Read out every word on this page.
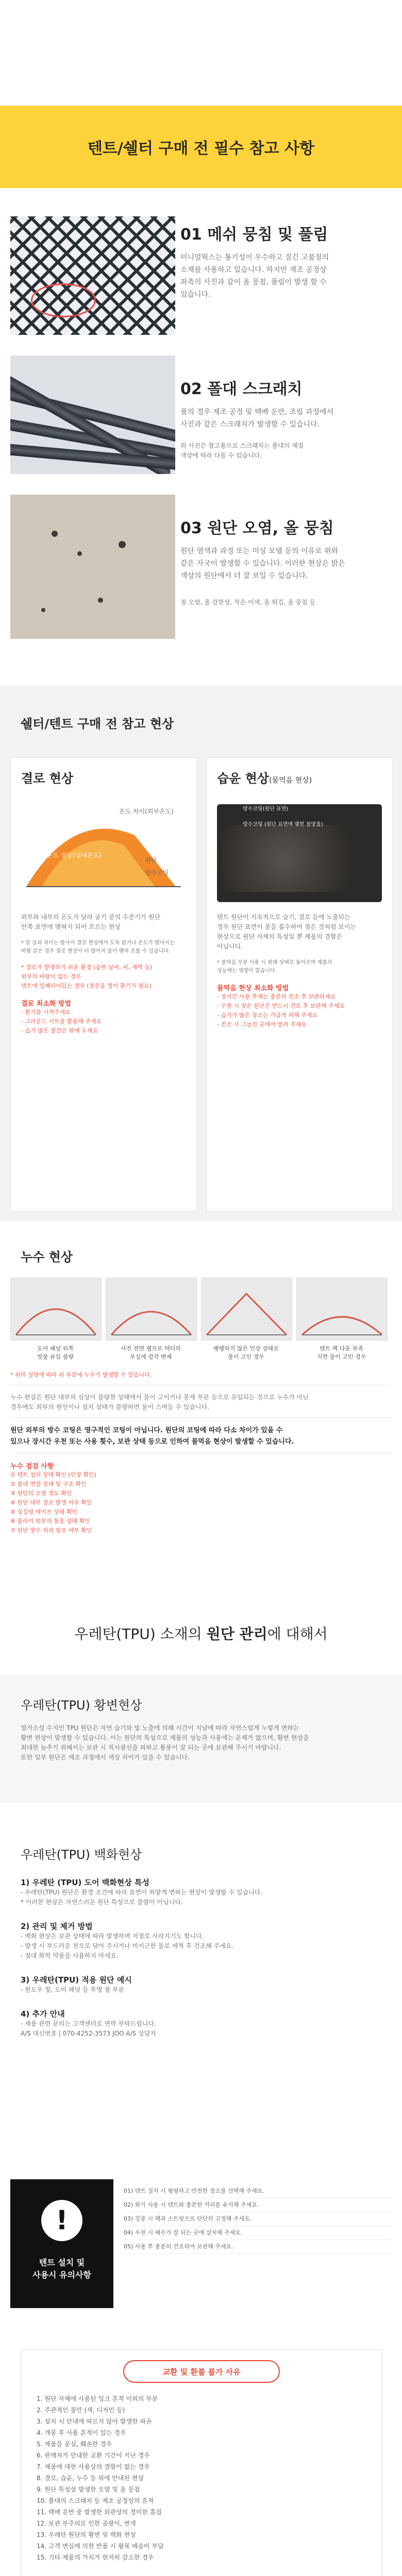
텐트/쉘터 구매 전 필수 참고 사항

01 메쉬 뭉침 및 풀림

미니멀웍스는 통기성이 우수하고 질긴 고품질의

소재를 사용하고 있습니다. 하지만 제조 공정상

좌측의 사진과 같이 올 뭉침, 풀림이 발생 할 수

있습니다.

02 폴대 스크래치

폴의 경우 제조 공정 및 택배 운반, 조립 과정에서

사진과 같은 스크래치가 발생할 수 있습니다.

위 사진은 참고용으로 스크래치는 폴대의 제질

색상에 따라 다를 수 있습니다.

03 원단 오염, 올 뭉침

원단 염색과 과정 또는 미싱 모델 등의 이유로 위와

같은 자국이 발생할 수 있습니다. 이러한 현상은 밝은

색상의 원단에서 더 잘 보일 수 있습니다.

점 오염, 올 감한상, 작은 이색, 올 튀김, 올 뭉침 등

쉘터/텐트 구매 전 참고 현상

결로 현상

온도 차이(외부온도)
온도 상승(실내온도)
원단
방수코팅

외부와 내부의 온도가 달라 공기 중의 수증기가 원단

안쪽 표면에 맺혀지 되어 흐르는 현상

* 일 실외 차이는 밤사이 결로 현상에서 도둑 없거나 온도가 떨어지는

바람 같은 경우 결로 현상이 더 많아져 물이 맺혀 흐를 수 있습니다.

* 결로가 발생하기 쉬운 환경 (습한 날씨, 비, 새벽 등)

외부의 바람이 없는 경우

텐트에 밀폐되어있는 경우 (창문을 열어 환기가 필요)

결로 최소화 방법

- 환기를 시켜주세요

- 그라운드 시트를 활용해 주세요

- 습기 많은 물건은 밖에 두세요

습윤 현상(물먹음 현상)

방수코팅(원단 표면)
방수코팅 (원단 표면에 맺힌 물방울)

텐트 원단이 지속적으로 습기, 결로 등에 노출되는

경우 원단 표면이 물을 흡수하여 젖은 것처럼 보이는

현상으로 원단 자체의 특성일 뿐 제품의 결함은

아닙니다.

* 물먹음 부분 사용 시 원래 상태로 돌아오며 제품의

성능에는 영향이 없습니다.

물먹음 현상 최소화 방법

- 장시간 사용 후에는 충분히 건조 후 보관하세요

- 우천 시 젖은 원단은 반드시 건조 후 보관해 주세요

- 습기가 많은 장소는 가급적 피해 주세요

- 건조 시 그늘진 곳에서 말려 주세요

누수 현상

도어 패널 위쪽
빗물 유입 불량
사진 전면 웹프로 텍터의
부실에 겉각 변제
팽팽하지 않은 인장 상태로
물이 고인 경우
텐트 펙 다운 부족
지면 물이 고인 경우

* 위의 설명에 따라 위 부분에 누수가 발생할 수 있습니다.

누수 현상은 원단 내부의 심상이 불량한 상태에서 물이 고이거나 봉제 부분 등으로 유입되는 것으로 누수가 아닌

경우에도 외부의 원인이나 설치 상태가 불량하면 물이 스며들 수 있습니다.

원단 외부의 방수 코팅은 영구적인 코팅이 아닙니다. 원단의 코팅에 따라 다소 차이가 있을 수

있으나 장시간 우천 또는 사용 횟수, 보관 상태 등으로 인하여 물먹음 현상이 발생할 수 있습니다.

누수 점검 사항

① 텐트 설치 상태 확인 (인장 확인)

② 폴대 연결 상태 및 구조 확인

③ 원단의 오염 정도 확인

④ 원단 내부 결로 발생 여부 확인

⑤ 심실링 테이프 상태 확인

⑥ 플라이 외부의 통풍 상태 확인

⑦ 원단 방수 처리 필요 여부 확인

우레탄(TPU) 소재의 원단 관리에 대해서

우레탄(TPU) 황변현상

열가소성 수지인 TPU 원단은 자연 습기와 빛 노출에 의해 시간이 지남에 따라 자연스럽게 누렇게 변하는

황변 현상이 발생할 수 있습니다. 이는 원단의 특성으로 제품의 성능과 사용에는 문제가 없으며, 황변 현상을

최대한 늦추기 위해서는 보관 시 직사광선을 피하고 통풍이 잘 되는 곳에 보관해 주시기 바랍니다.

또한 일부 원단은 제조 과정에서 색상 차이가 있을 수 있습니다.

우레탄(TPU) 백화현상

1) 우레탄 (TPU) 도어 백화현상 특성

- 우레탄(TPU) 원단은 환경 조건에 따라 표면이 하얗게 변하는 현상이 발생할 수 있습니다.

* 이러한 현상은 자연스러운 원단 특성으로 불량이 아닙니다.

2) 관리 및 제거 방법

- 백화 현상은 보관 상태에 따라 발생하며 저절로 사라지기도 합니다.

- 발생 시 부드러운 천으로 닦아 주시거나 미지근한 물로 세척 후 건조해 주세요.

- 절대 화학 약품을 사용하지 마세요.

3) 우레탄(TPU) 적용 원단 예시

- 윈도우 창, 도어 패널 등 투명 창 부분

4) 추가 안내

- 제품 관련 문의는 고객센터로 연락 부탁드립니다.

A/S 대신번호 | 070-4252-3573 JOO A/S 상담자

!
텐트 설치 및
사용시 유의사항

01) 텐트 설치 시 평평하고 안전한 장소를 선택해 주세요.

02) 화기 사용 시 텐트와 충분한 거리를 유지해 주세요.

03) 강풍 시 팩과 스트링으로 단단히 고정해 주세요.

04) 우천 시 배수가 잘 되는 곳에 설치해 주세요.

05) 사용 후 충분히 건조하여 보관해 주세요.

교환 및 환불 불가 사유

1. 원단 자체에 사용된 잉크 흔적 이외의 부분

2. 주관적인 불만 (색, 디자인 등)

3. 설치 시 안내에 따르지 않아 발생한 파손

4. 개봉 후 사용 흔적이 있는 경우

5. 제품을 분실, 훼손한 경우

6. 판매자가 안내한 교환 기간이 지난 경우

7. 제품에 대한 사용상의 결함이 없는 경우

8. 결로, 습윤, 누수 등 위에 안내된 현상

9. 원단 특성상 발생한 오염 및 올 뭉침

10. 폴대의 스크래치 등 제조 공정상의 흔적

11. 택배 운반 중 발생한 외관상의 경미한 흠집

12. 보관 부주의로 인한 곰팡이, 변색

13. 우레탄 원단의 황변 및 백화 현상

14. 고객 변심에 의한 반품 시 왕복 배송비 부담

15. 기타 제품의 가치가 현저히 감소한 경우
